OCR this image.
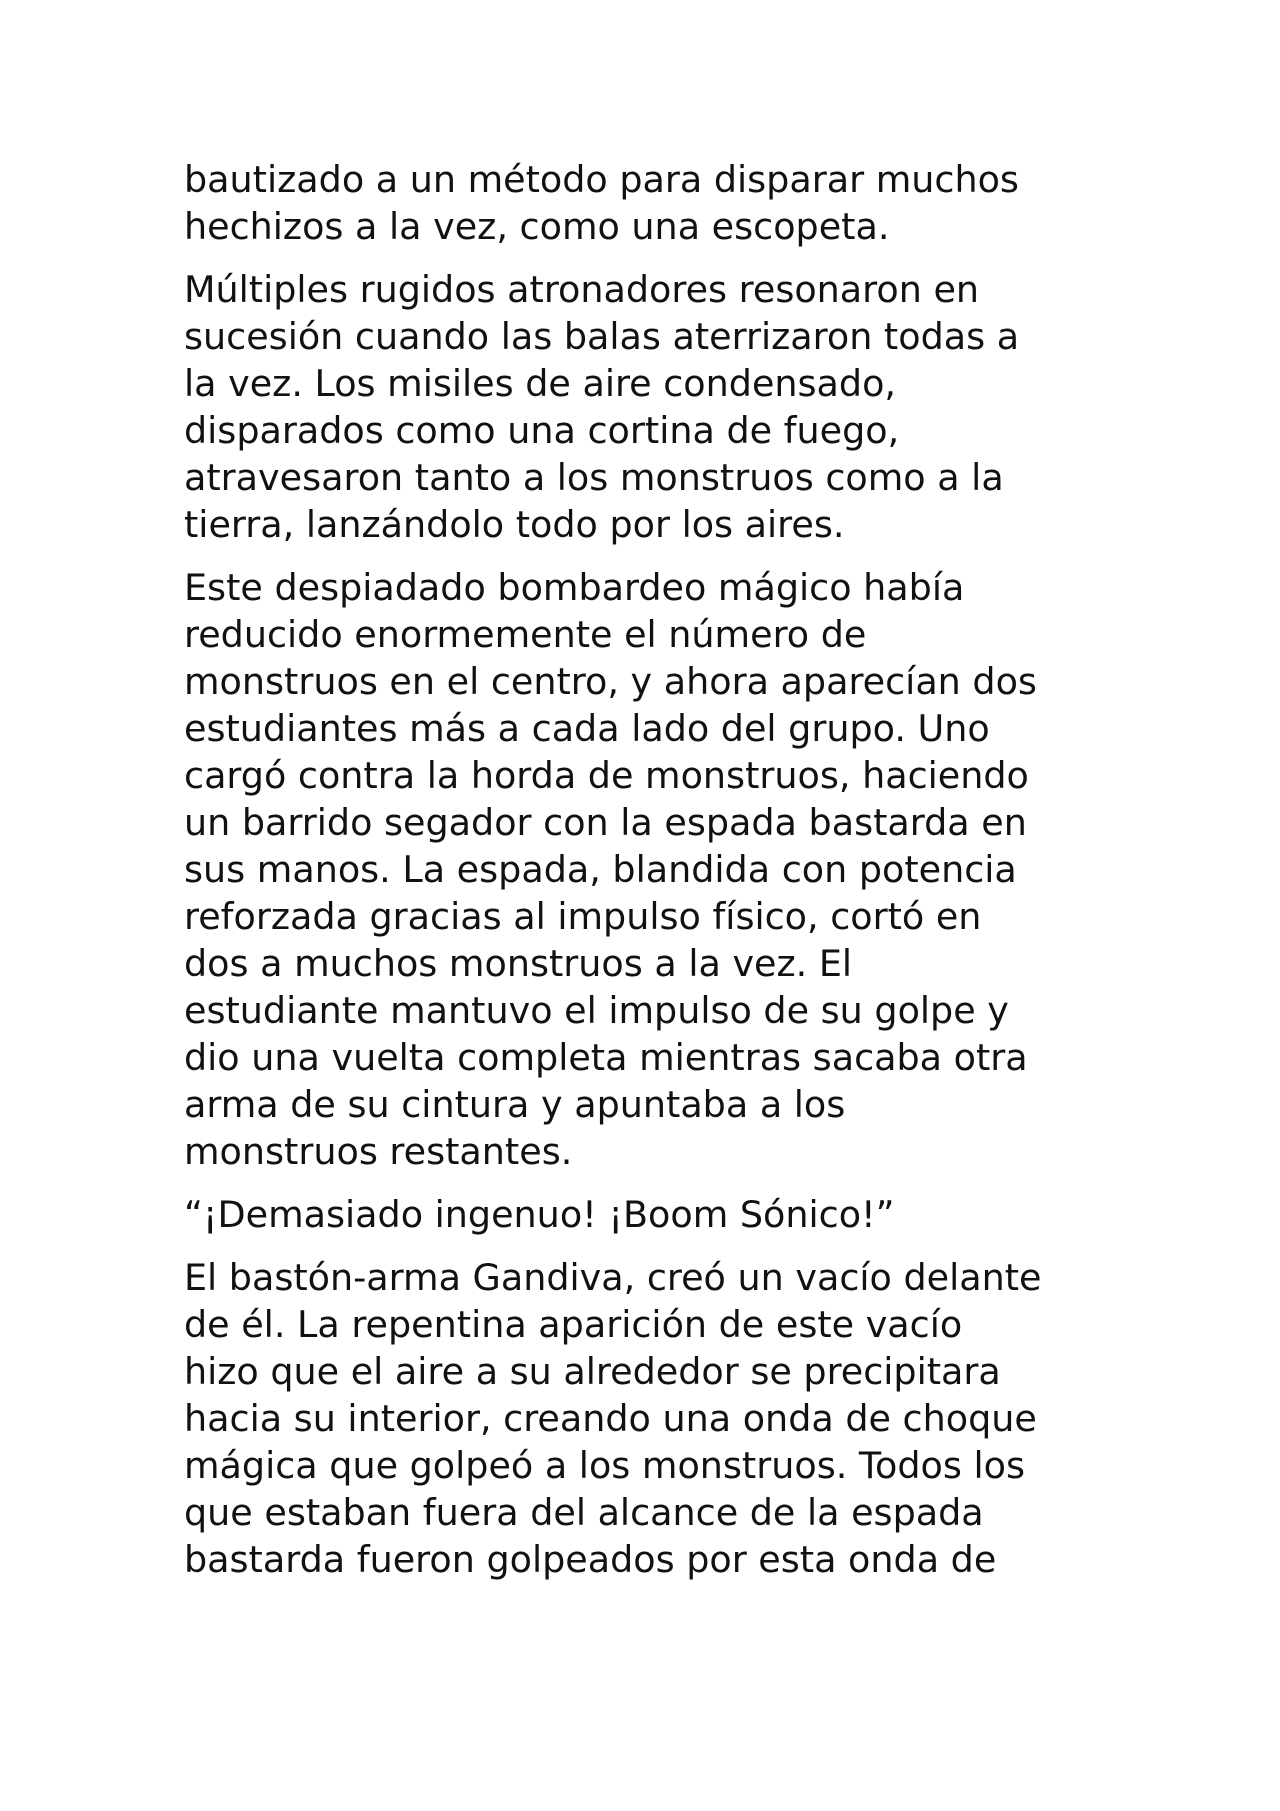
bautizado a un método para disparar muchos
hechizos a la vez, como una escopeta.

Múltiples rugidos atronadores resonaron en
sucesión cuando las balas aterrizaron todas a
la vez. Los misiles de aire condensado,
disparados como una cortina de fuego,
atravesaron tanto a los monstruos como a la
tierra, lanzándolo todo por los aires.

Este despiadado bombardeo mágico había
reducido enormemente el número de
monstruos en el centro, y ahora aparecían dos
estudiantes más a cada lado del grupo. Uno
cargó contra la horda de monstruos, haciendo
un barrido segador con la espada bastarda en
sus manos. La espada, blandida con potencia
reforzada gracias al impulso físico, cortó en
dos a muchos monstruos a la vez. El
estudiante mantuvo el impulso de su golpe y
dio una vuelta completa mientras sacaba otra
arma de su cintura y apuntaba a los
monstruos restantes.

“¡Demasiado ingenuo! ¡Boom Sónico!”

El bastón-arma Gandiva, creó un vacío delante
de él. La repentina aparición de este vacío
hizo que el aire a su alrededor se precipitara
hacia su interior, creando una onda de choque
mágica que golpeó a los monstruos. Todos los
que estaban fuera del alcance de la espada
bastarda fueron golpeados por esta onda de
